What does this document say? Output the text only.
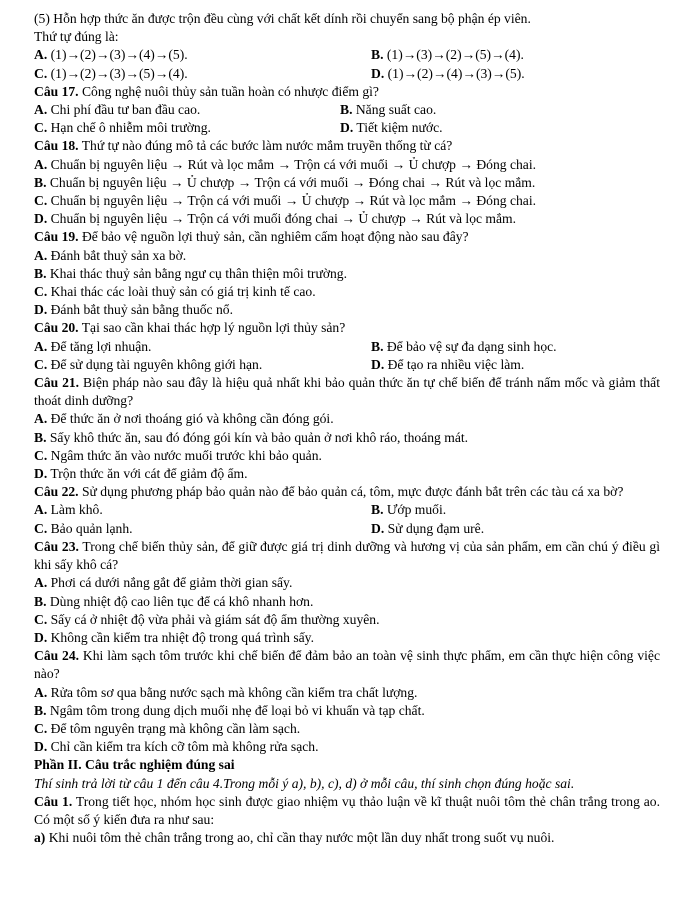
(5) Hỗn hợp thức ăn được trộn đều cùng với chất kết dính rồi chuyển sang bộ phận ép viên.
Thứ tự đúng là:
A. (1)→(2)→(3)→(4)→(5).	B. (1)→(3)→(2)→(5)→(4).
C. (1)→(2)→(3)→(5)→(4).	D. (1)→(2)→(4)→(3)→(5).
Câu 17. Công nghệ nuôi thủy sản tuần hoàn có nhược điểm gì?
A. Chi phí đầu tư ban đầu cao.	B. Năng suất cao.
C. Hạn chế ô nhiễm môi trường.	D. Tiết kiệm nước.
Câu 18. Thứ tự nào đúng mô tả các bước làm nước mắm truyền thống từ cá?
A. Chuẩn bị nguyên liệu → Rút và lọc mắm → Trộn cá với muối → Ủ chượp → Đóng chai.
B. Chuẩn bị nguyên liệu → Ủ chượp → Trộn cá với muối → Đóng chai → Rút và lọc mắm.
C. Chuẩn bị nguyên liệu → Trộn cá với muối → Ủ chượp → Rút và lọc mắm → Đóng chai.
D. Chuẩn bị nguyên liệu → Trộn cá với muối đóng chai → Ủ chượp → Rút và lọc mắm.
Câu 19. Để bảo vệ nguồn lợi thuỷ sản, cần nghiêm cấm hoạt động nào sau đây?
A. Đánh bắt thuỷ sản xa bờ.
B. Khai thác thuỷ sản bằng ngư cụ thân thiện môi trường.
C. Khai thác các loài thuỷ sản có giá trị kinh tế cao.
D. Đánh bắt thuỷ sản bằng thuốc nổ.
Câu 20. Tại sao cần khai thác hợp lý nguồn lợi thủy sản?
A. Để tăng lợi nhuận.	B. Để bảo vệ sự đa dạng sinh học.
C. Để sử dụng tài nguyên không giới hạn.	D. Để tạo ra nhiều việc làm.
Câu 21. Biện pháp nào sau đây là hiệu quả nhất khi bảo quản thức ăn tự chế biến để tránh nấm mốc và giảm thất thoát dinh dưỡng?
A. Để thức ăn ở nơi thoáng gió và không cần đóng gói.
B. Sấy khô thức ăn, sau đó đóng gói kín và bảo quản ở nơi khô ráo, thoáng mát.
C. Ngâm thức ăn vào nước muối trước khi bảo quản.
D. Trộn thức ăn với cát để giảm độ ẩm.
Câu 22. Sử dụng phương pháp bảo quản nào để bảo quản cá, tôm, mực được đánh bắt trên các tàu cá xa bờ?
A. Làm khô.	B. Ướp muối.
C. Bảo quản lạnh.	D. Sử dụng đạm urê.
Câu 23. Trong chế biến thủy sản, để giữ được giá trị dinh dưỡng và hương vị của sản phẩm, em cần chú ý điều gì khi sấy khô cá?
A. Phơi cá dưới nắng gắt để giảm thời gian sấy.
B. Dùng nhiệt độ cao liên tục để cá khô nhanh hơn.
C. Sấy cá ở nhiệt độ vừa phải và giám sát độ ẩm thường xuyên.
D. Không cần kiểm tra nhiệt độ trong quá trình sấy.
Câu 24. Khi làm sạch tôm trước khi chế biến để đảm bảo an toàn vệ sinh thực phẩm, em cần thực hiện công việc nào?
A. Rửa tôm sơ qua bằng nước sạch mà không cần kiểm tra chất lượng.
B. Ngâm tôm trong dung dịch muối nhẹ để loại bỏ vi khuẩn và tạp chất.
C. Để tôm nguyên trạng mà không cần làm sạch.
D. Chỉ cần kiểm tra kích cỡ tôm mà không rửa sạch.
Phần II. Câu trắc nghiệm đúng sai
Thí sinh trả lời từ câu 1 đến câu 4.Trong mỗi ý a), b), c), d) ở mỗi câu, thí sinh chọn đúng hoặc sai.
Câu 1. Trong tiết học, nhóm học sinh được giao nhiệm vụ thảo luận về kĩ thuật nuôi tôm thẻ chân trắng trong ao. Có một số ý kiến đưa ra như sau:
a) Khi nuôi tôm thẻ chân trắng trong ao, chỉ cần thay nước một lần duy nhất trong suốt vụ nuôi.
